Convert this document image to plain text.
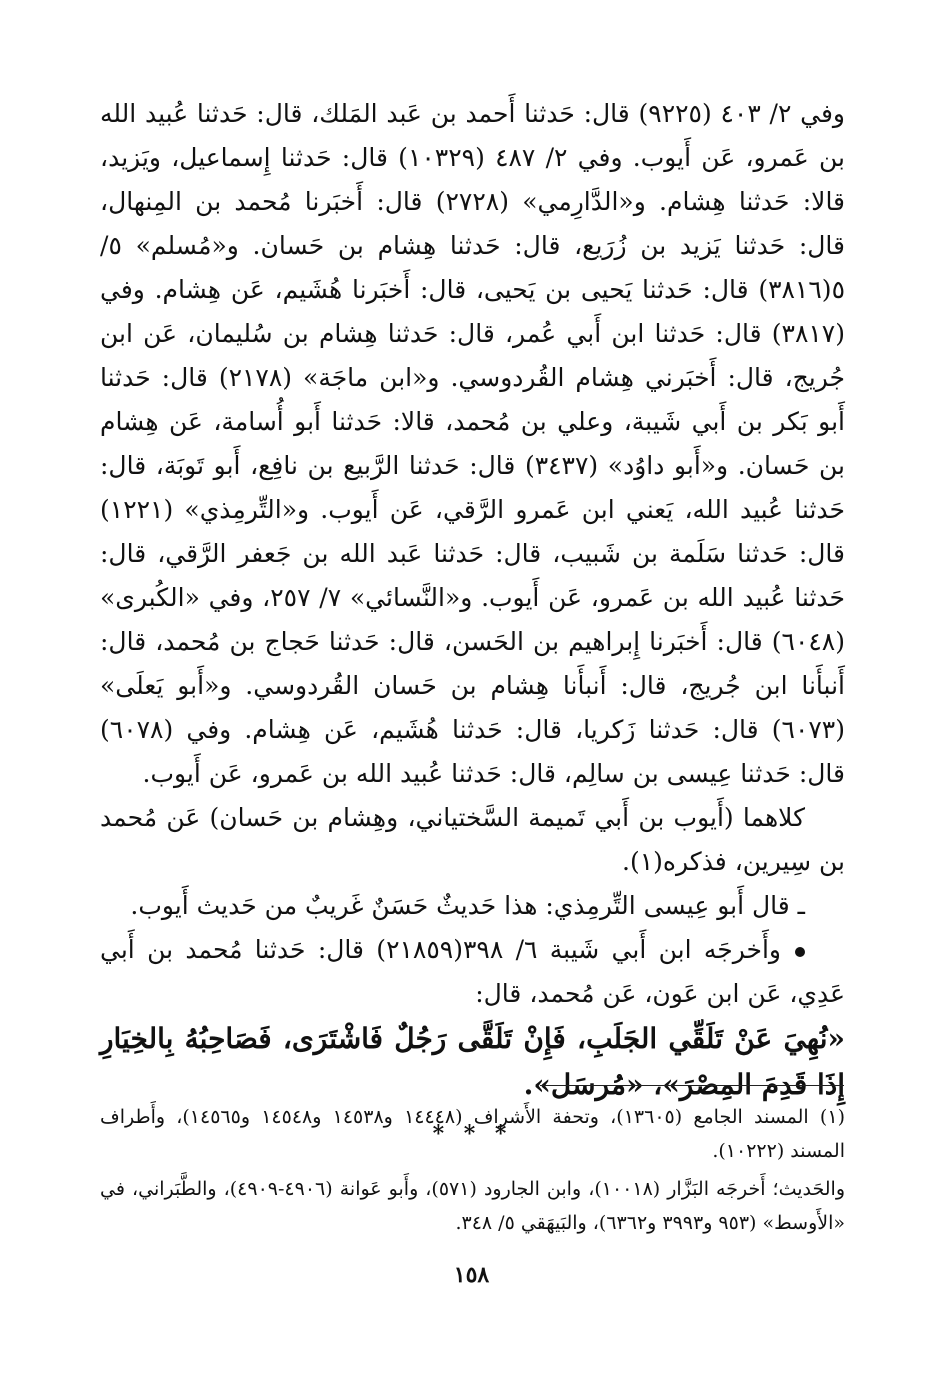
وفي ٢/ ٤٠٣ (٩٢٢٥) قال: حَدثنا أَحمد بن عَبد المَلك، قال: حَدثنا عُبيد الله بن عَمرو، عَن أَيوب. وفي ٢/ ٤٨٧ (١٠٣٢٩) قال: حَدثنا إِسماعيل، ويَزيد، قالا: حَدثنا هِشام. و«الدَّارِمي» (٢٧٢٨) قال: أَخبَرنا مُحمد بن المِنهال، قال: حَدثنا يَزيد بن زُرَيع، قال: حَدثنا هِشام بن حَسان. و«مُسلم» ٥/ ٥(٣٨١٦) قال: حَدثنا يَحيى بن يَحيى، قال: أَخبَرنا هُشَيم، عَن هِشام. وفي (٣٨١٧) قال: حَدثنا ابن أَبي عُمر، قال: حَدثنا هِشام بن سُليمان، عَن ابن جُريج، قال: أَخبَرني هِشام القُردوسي. و«ابن ماجَة» (٢١٧٨) قال: حَدثنا أَبو بَكر بن أَبي شَيبة، وعلي بن مُحمد، قالا: حَدثنا أَبو أُسامة، عَن هِشام بن حَسان. و«أَبو داوُد» (٣٤٣٧) قال: حَدثنا الرَّبيع بن نافِع، أَبو تَوبَة، قال: حَدثنا عُبيد الله، يَعني ابن عَمرو الرَّقي، عَن أَيوب. و«التِّرمِذي» (١٢٢١) قال: حَدثنا سَلَمة بن شَبيب، قال: حَدثنا عَبد الله بن جَعفر الرَّقي، قال: حَدثنا عُبيد الله بن عَمرو، عَن أَيوب. و«النَّسائي» ٧/ ٢٥٧، وفي «الكُبرى» (٦٠٤٨) قال: أَخبَرنا إِبراهيم بن الحَسن، قال: حَدثنا حَجاج بن مُحمد، قال: أَنبأَنا ابن جُريج، قال: أَنبأَنا هِشام بن حَسان القُردوسي. و«أَبو يَعلَى» (٦٠٧٣) قال: حَدثنا زَكريا، قال: حَدثنا هُشَيم، عَن هِشام. وفي (٦٠٧٨) قال: حَدثنا عِيسى بن سالِم، قال: حَدثنا عُبيد الله بن عَمرو، عَن أَيوب.

كلاهما (أَيوب بن أَبي تَميمة السَّختياني، وهِشام بن حَسان) عَن مُحمد بن سِيرين، فذكره(١).

ـ قال أَبو عِيسى التِّرمِذي: هذا حَديثٌ حَسَنٌ غَريبٌ من حَديث أَيوب.

وأَخرجَه ابن أَبي شَيبة ٦/ ٣٩٨(٢١٨٥٩) قال: حَدثنا مُحمد بن أَبي عَدِي، عَن ابن عَون، عَن مُحمد، قال:

«نُهِيَ عَنْ تَلَقِّي الجَلَبِ، فَإِنْ تَلَقَّى رَجُلٌ فَاشْتَرَى، فَصَاحِبُهُ بِالخِيَارِ إِذَا قَدِمَ المِصْرَ»، «مُرسَل».

* * *

(١) المسند الجامع (١٣٦٠٥)، وتحفة الأَشراف (١٤٤٤٨ و١٤٥٣٨ و١٤٥٤٨ و١٤٥٦٥)، وأَطراف المسند (١٠٢٢٢).

والحَديث؛ أَخرجَه البَزَّار (١٠٠١٨)، وابن الجارود (٥٧١)، وأَبو عَوانة (٤٩٠٦-٤٩٠٩)، والطَّبَراني، في «الأَوسط» (٩٥٣ و٣٩٩٣ و٦٣٦٢)، والبَيهَقي ٥/ ٣٤٨.

١٥٨
